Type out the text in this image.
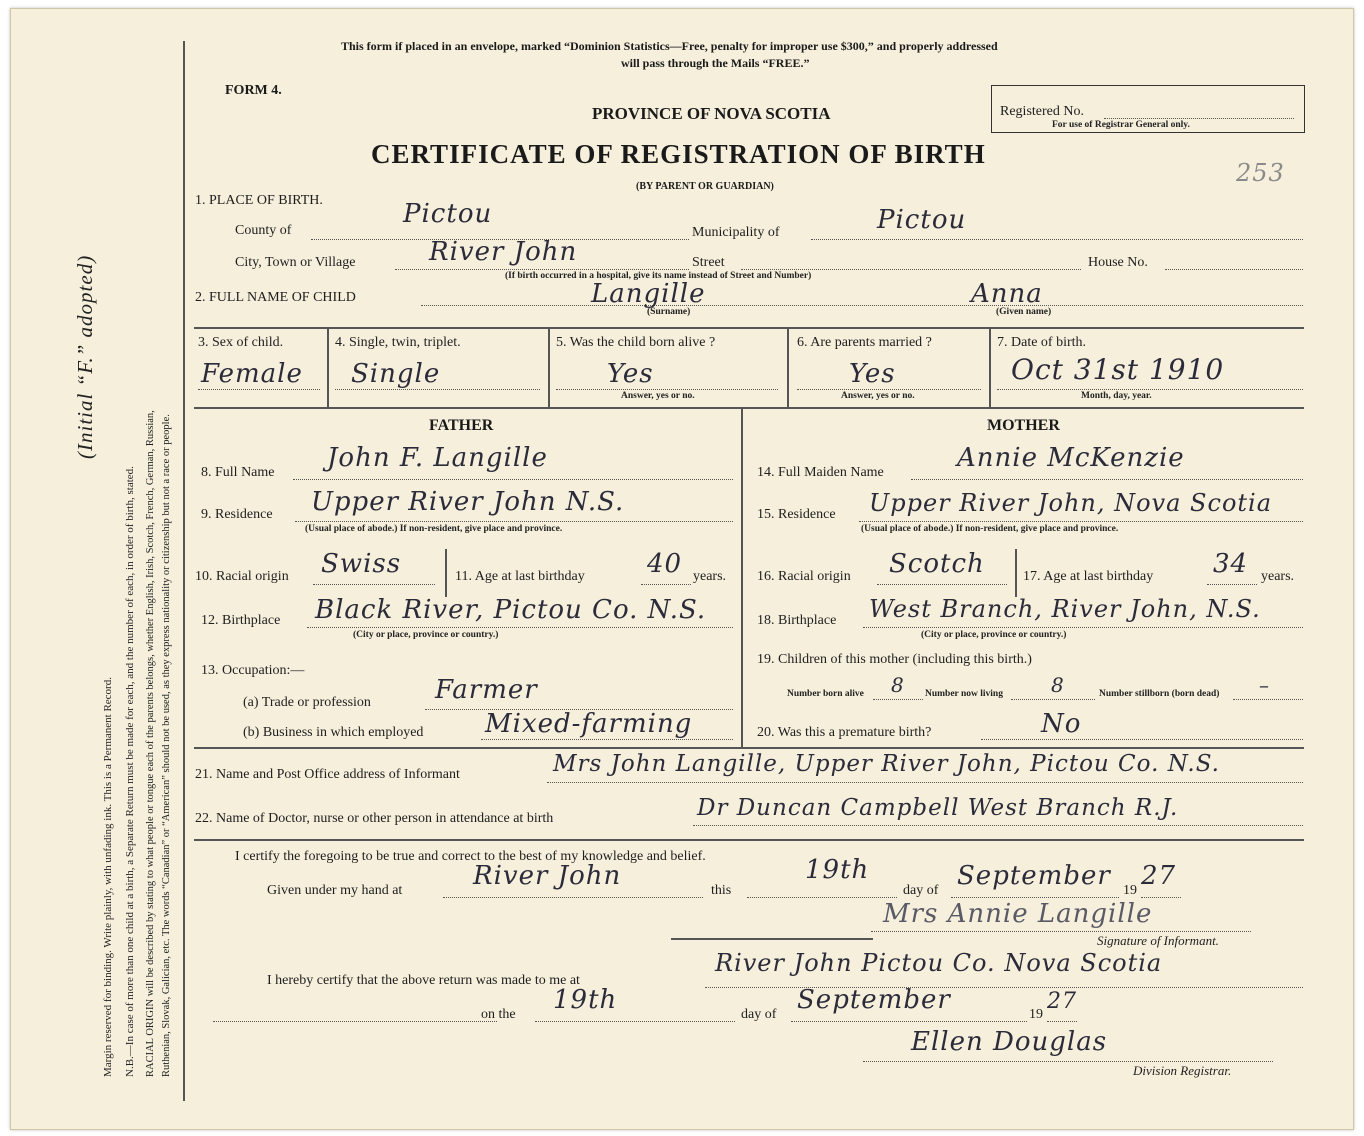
Margin reserved for binding. Write plainly, with unfading ink. This is a Permanent Record. N.B.—In case of more than one child at a birth, a Separate Return must be made for each, and the number of each, in order of birth, stated. RACIAL ORIGIN will be described by stating to what people or tongue each of the parents belongs, whether English, Irish, Scotch, French, German, Russian, Ruthenian, Slovak, Galician, etc. The words “Canadian” or “American” should not be used, as they express nationality or citizenship but not a race or people.
(Initial “F.” adopted)
This form if placed in an envelope, marked “Dominion Statistics—Free, penalty for improper use $300,” and properly addressed
will pass through the Mails “FREE.”
FORM 4.
PROVINCE OF NOVA SCOTIA
CERTIFICATE OF REGISTRATION OF BIRTH
(BY PARENT OR GUARDIAN)
Registered No.
For use of Registrar General only.
253
1. PLACE OF BIRTH.
County of
Pictou
Municipality of	Pictou
City, Town or Village	River John	Street	House No.
(If birth occurred in a hospital, give its name instead of Street and Number)
2. FULL NAME OF CHILD	Langille	Anna
(Surname)	(Given name)
3. Sex of child.
Female
4. Single, twin, triplet.
Single
5. Was the child born alive ?
Yes
Answer, yes or no.
6. Are parents married ?
Yes
Answer, yes or no.
7. Date of birth.
Oct 31st 1910
Month, day, year.
FATHER	MOTHER
8. Full Name John F. Langille
9. Residence Upper River John N.S.
(Usual place of abode.) If non-resident, give place and province.
10. Racial origin Swiss	11. Age at last birthday 40 years.
12. Birthplace Black River, Pictou Co. N.S.
(City or place, province or country.)
13. Occupation:—
(a) Trade or profession Farmer
(b) Business in which employed Mixed-farming
14. Full Maiden Name	Annie McKenzie
15. Residence Upper River John, Nova Scotia
(Usual place of abode.) If non-resident, give place and province.
16. Racial origin Scotch	17. Age at last birthday 34 years.
18. Birthplace West Branch, River John, N.S.
(City or place, province or country.)
19. Children of this mother (including this birth.)
Number born alive 8 Number now living 8	Number stillborn (born dead) –
20. Was this a premature birth?	No
21. Name and Post Office address of Informant	Mrs John Langille, Upper River John, Pictou Co. N.S.
22. Name of Doctor, nurse or other person in attendance at birth	Dr Duncan Campbell West Branch R.J.
I certify the foregoing to be true and correct to the best of my knowledge and belief.
Given under my hand at	River John	this
19th
day of September 19 27
Mrs Annie Langille
Signature of Informant.
I hereby certify that the above return was made to me at
River John Pictou Co. Nova Scotia
on the 19th	day of September	19
27
Ellen Douglas
Division Registrar.
